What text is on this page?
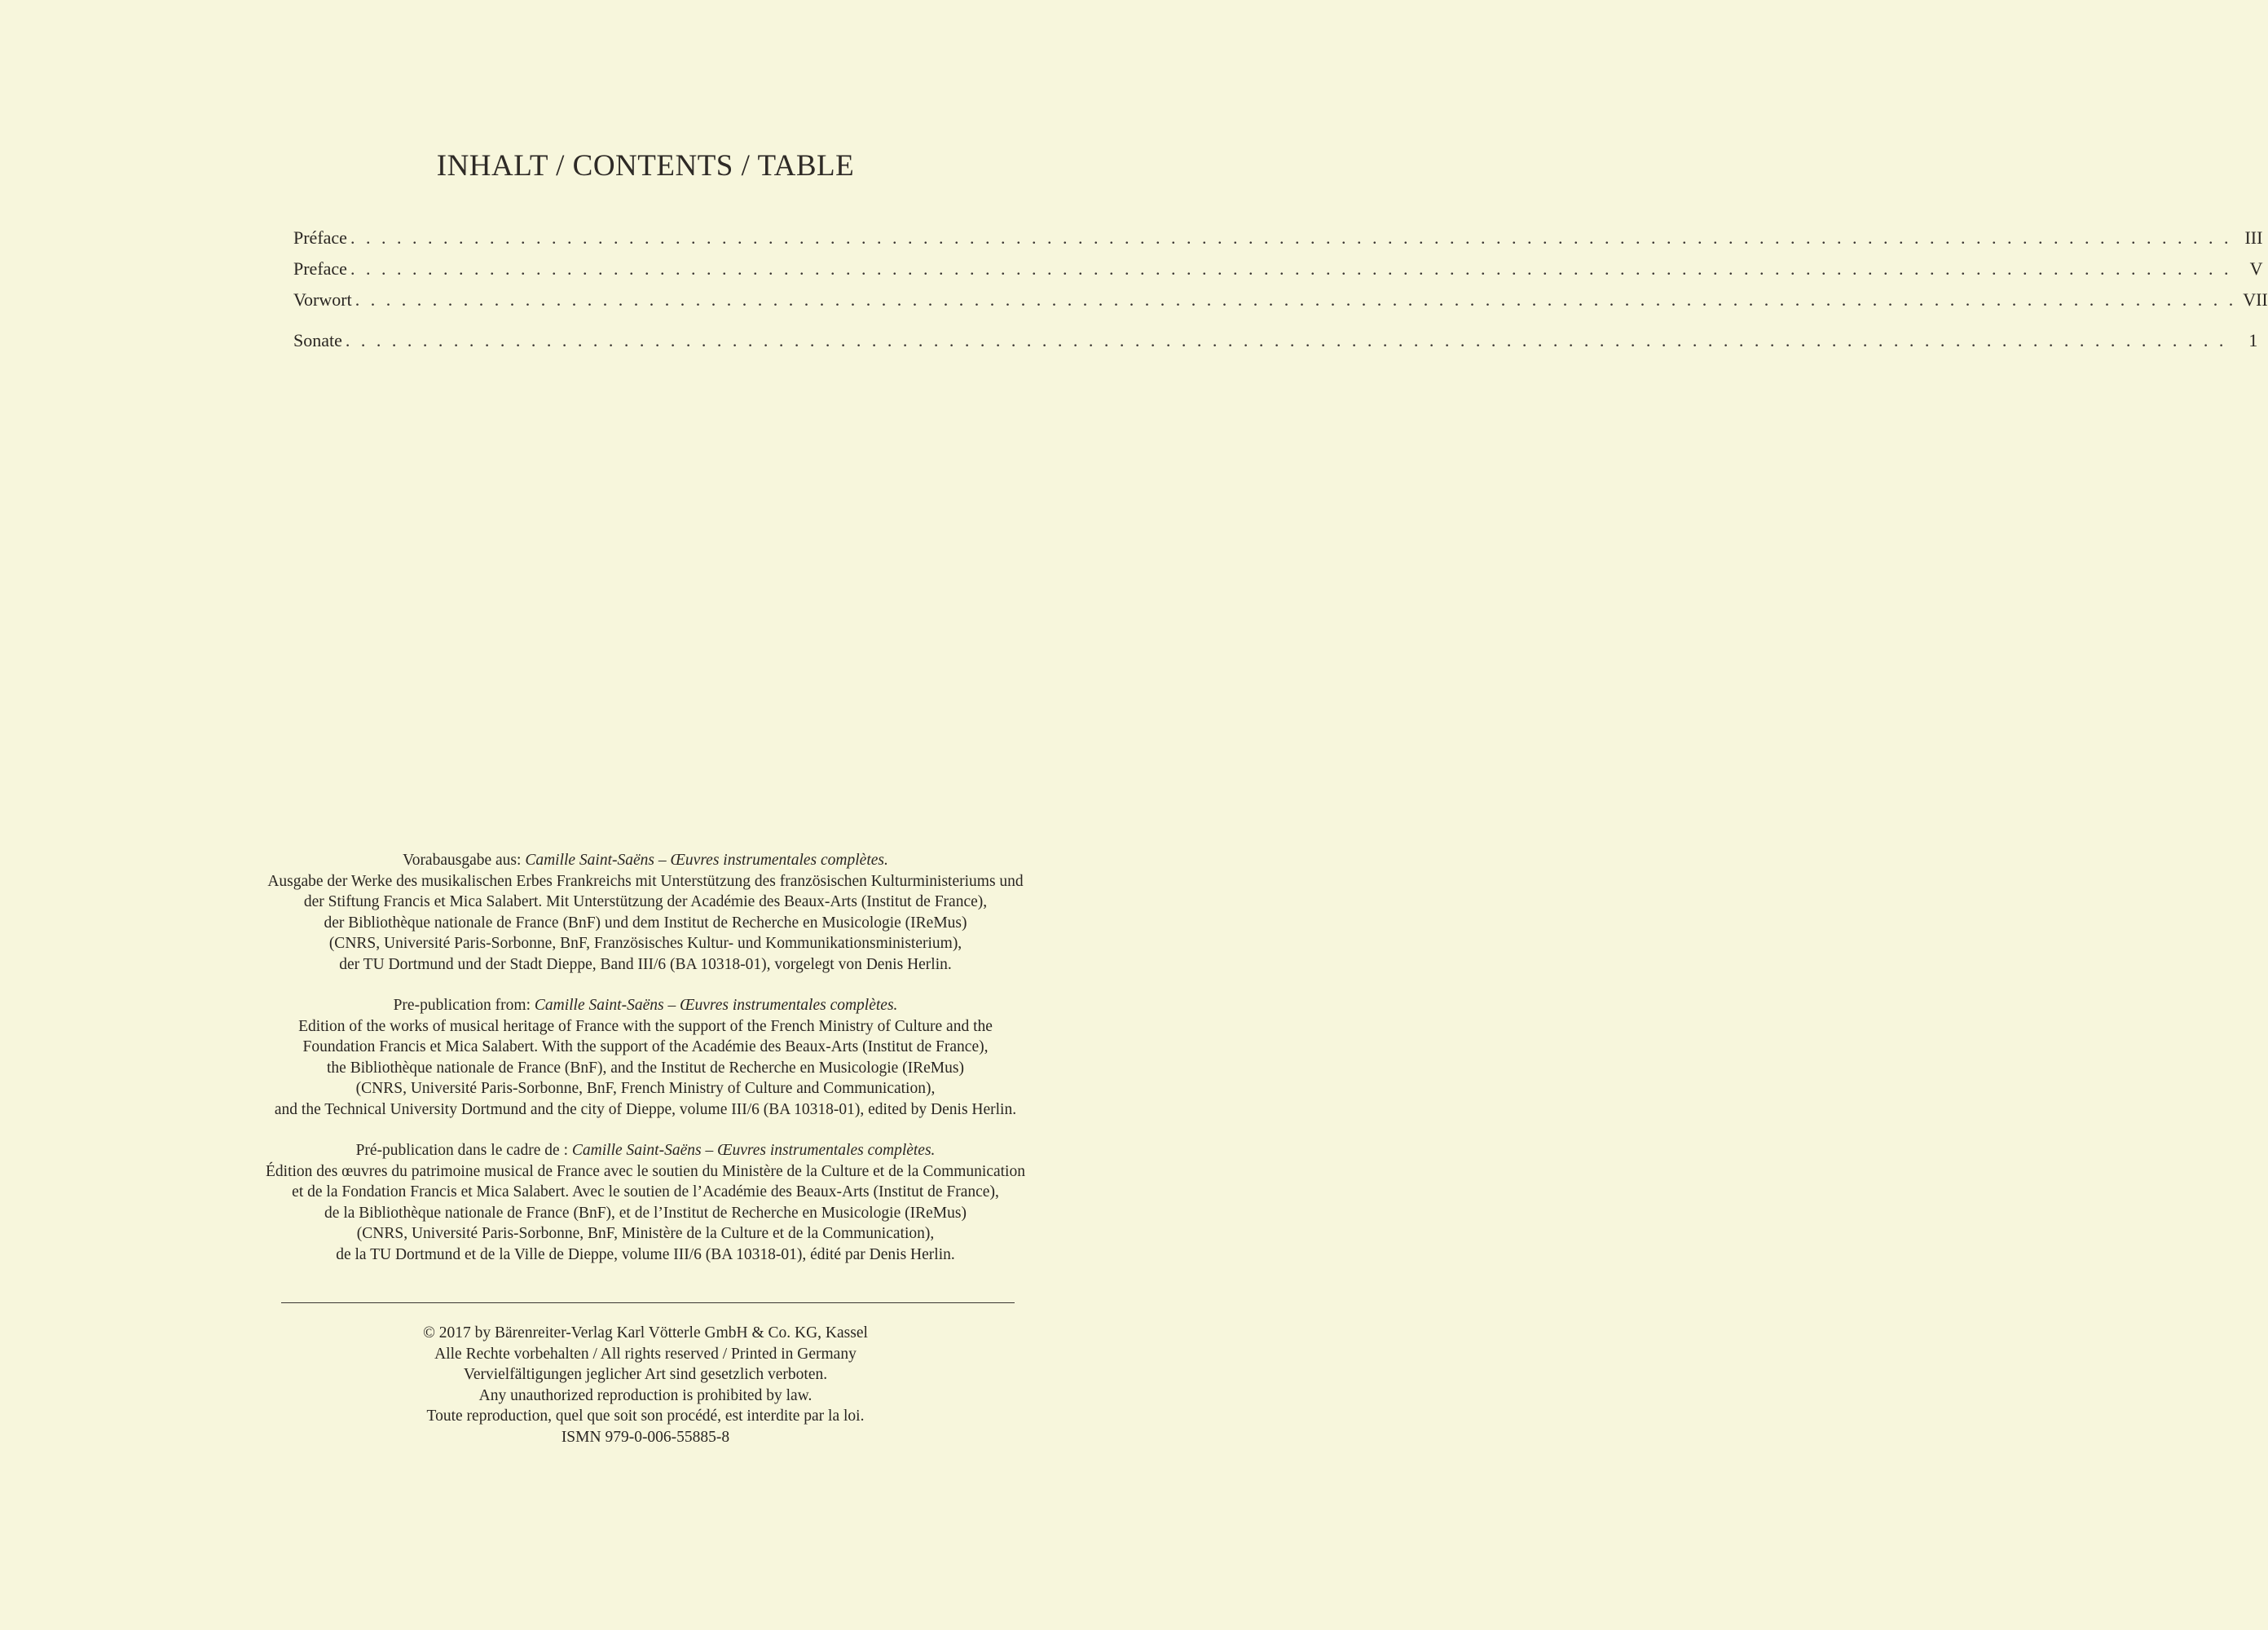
INHALT / CONTENTS / TABLE
Préface . . . . . . . . . . . . . . . . . . . . . . . . . . . . . . . . . . . . . . . . . . . . . . . . . . . . . . . . . . . . . . . . . . . . . . . . . . . . . . . . . . . . . . . . . . . . . . . . . . . . . . . . . . . . . . . . . . . . . . . . . . III
Preface . . . . . . . . . . . . . . . . . . . . . . . . . . . . . . . . . . . . . . . . . . . . . . . . . . . . . . . . . . . . . . . . . . . . . . . . . . . . . . . . . . . . . . . . . . . . . . . . . . . . . . . . . . . . . . . . . . . . . . . . . .	V
Vorwort . . . . . . . . . . . . . . . . . . . . . . . . . . . . . . . . . . . . . . . . . . . . . . . . . . . . . . . . . . . . . . . . . . . . . . . . . . . . . . . . . . . . . . . . . . . . . . . . . . . . . . . . . . . . . . . . . . . . . . . . . . VII
Sonate . . . . . . . . . . . . . . . . . . . . . . . . . . . . . . . . . . . . . . . . . . . . . . . . . . . . . . . . . . . . . . . . . . . . . . . . . . . . . . . . . . . . . . . . . . . . . . . . . . . . . . . . . . . . . . . . . . . . . . . . . .	1
Vorabausgabe aus: Camille Saint-Saëns – Œuvres instrumentales complètes.
Ausgabe der Werke des musikalischen Erbes Frankreichs mit Unterstützung des französischen Kulturministeriums und
der Stiftung Francis et Mica Salabert. Mit Unterstützung der Académie des Beaux-Arts (Institut de France),
der Bibliothèque nationale de France (BnF) und dem Institut de Recherche en Musicologie (IReMus)
(CNRS, Université Paris-Sorbonne, BnF, Französisches Kultur- und Kommunikationsministerium),
der TU Dortmund und der Stadt Dieppe, Band III/6 (BA 10318-01), vorgelegt von Denis Herlin.
Pre-publication from: Camille Saint-Saëns – Œuvres instrumentales complètes.
Edition of the works of musical heritage of France with the support of the French Ministry of Culture and the
Foundation Francis et Mica Salabert. With the support of the Académie des Beaux-Arts (Institut de France),
the Bibliothèque nationale de France (BnF), and the Institut de Recherche en Musicologie (IReMus)
(CNRS, Université Paris-Sorbonne, BnF, French Ministry of Culture and Communication),
and the Technical University Dortmund and the city of Dieppe, volume III/6 (BA 10318-01), edited by Denis Herlin.
Pré-publication dans le cadre de : Camille Saint-Saëns – Œuvres instrumentales complètes.
Édition des œuvres du patrimoine musical de France avec le soutien du Ministère de la Culture et de la Communication
et de la Fondation Francis et Mica Salabert. Avec le soutien de l’Académie des Beaux-Arts (Institut de France),
de la Bibliothèque nationale de France (BnF), et de l’Institut de Recherche en Musicologie (IReMus)
(CNRS, Université Paris-Sorbonne, BnF, Ministère de la Culture et de la Communication),
de la TU Dortmund et de la Ville de Dieppe, volume III/6 (BA 10318-01), édité par Denis Herlin.
© 2017 by Bärenreiter-Verlag Karl Vötterle GmbH & Co. KG, Kassel
Alle Rechte vorbehalten / All rights reserved / Printed in Germany
Vervielfältigungen jeglicher Art sind gesetzlich verboten.
Any unauthorized reproduction is prohibited by law.
Toute reproduction, quel que soit son procédé, est interdite par la loi.
ISMN 979-0-006-55885-8
